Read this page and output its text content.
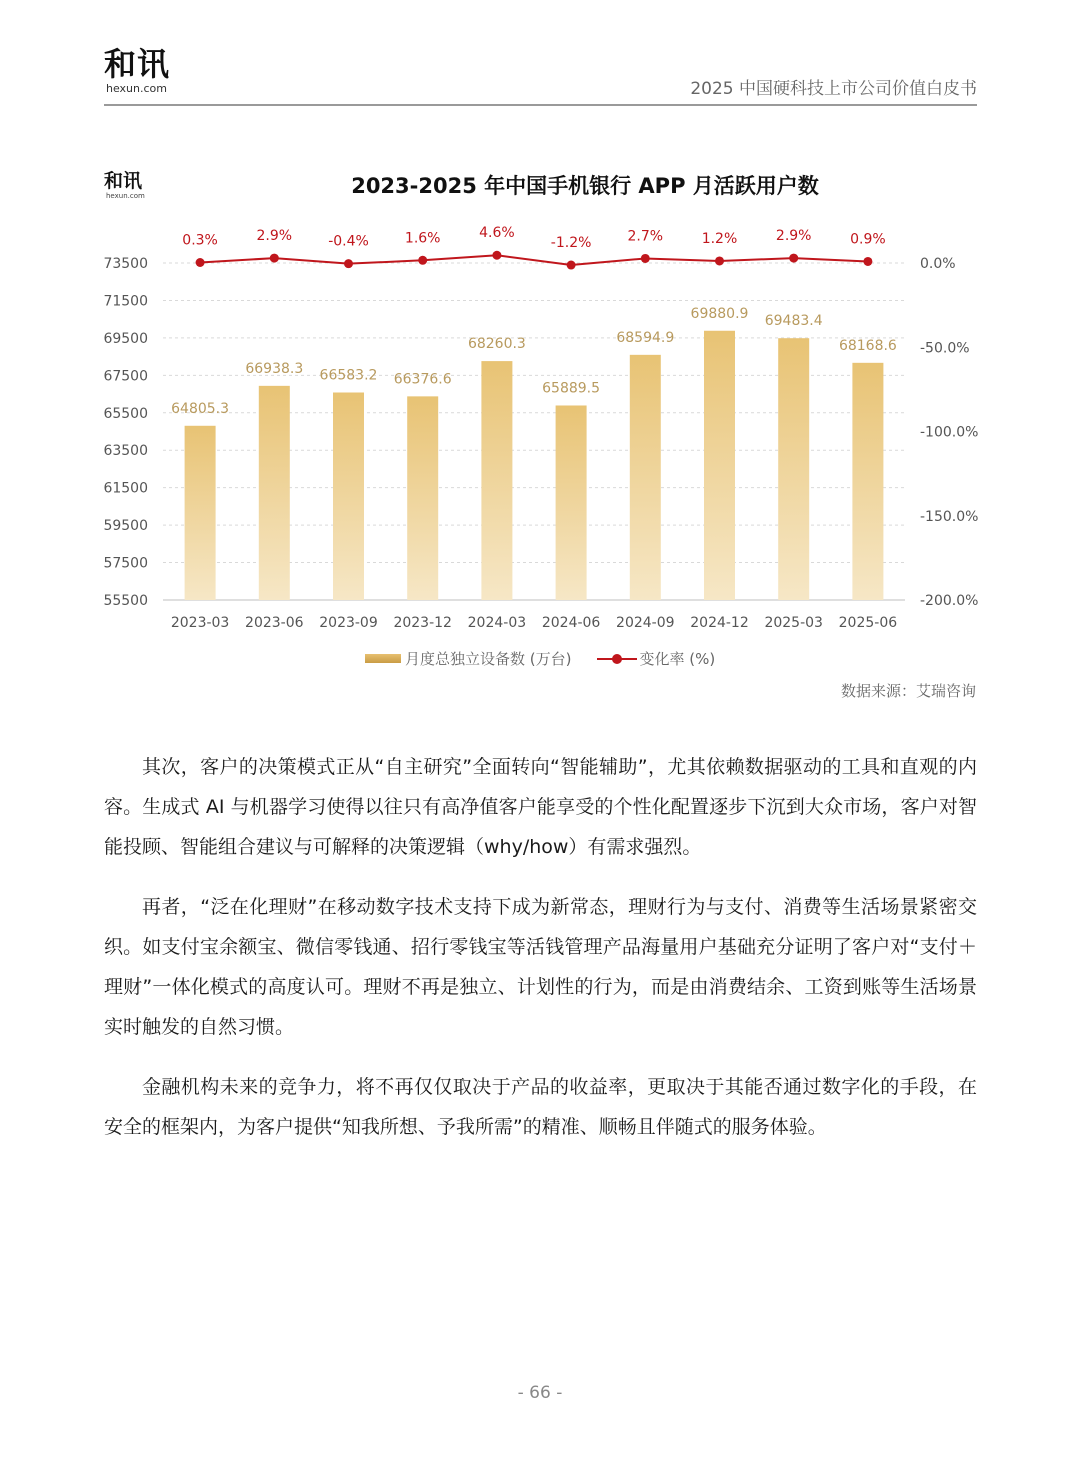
和讯
hexun.com	2025 中国硬科技上市公司价值白皮书
和讯
hexun.com	2023-2025 年中国手机银行 APP 月活跃用户数
73500
71500
69500
67500
65500
63500
61500
59500
57500
55500
0.0%
-50.0%
-100.0%
-150.0%
-200.0%
2023-03 2023-06 2023-09 2023-12 2024-03 2024-06 2024-09 2024-12 2025-03 2025-06
64805.3
66938.3 66583.2 66376.6
68260.3
65889.5
68594.9
69880.9 69483.4
68168.6
0.3%	2.9%	-0.4%	1.6%	4.6%
-1.2%	2.7%	1.2%	2.9%	0.9%
月度总独立设备数 (万台)	变化率 (%)
数据来源：艾瑞咨询
其次，客户的决策模式正从“自主研究”全面转向“智能辅助”，尤其依赖数据驱动的工具和直观的内容。生成式 AI 与机器学习使得以往只有高净值客户能享受的个性化配置逐步下沉到大众市场，客户对智能投顾、智能组合建议与可解释的决策逻辑（why/how）有需求强烈。
再者，“泛在化理财”在移动数字技术支持下成为新常态，理财行为与支付、消费等生活场景紧密交织。如支付宝余额宝、微信零钱通、招行零钱宝等活钱管理产品海量用户基础充分证明了客户对“支付＋理财”一体化模式的高度认可。理财不再是独立、计划性的行为，而是由消费结余、工资到账等生活场景实时触发的自然习惯。
金融机构未来的竞争力，将不再仅仅取决于产品的收益率，更取决于其能否通过数字化的手段，在安全的框架内，为客户提供“知我所想、予我所需”的精准、顺畅且伴随式的服务体验。
- 66 -
